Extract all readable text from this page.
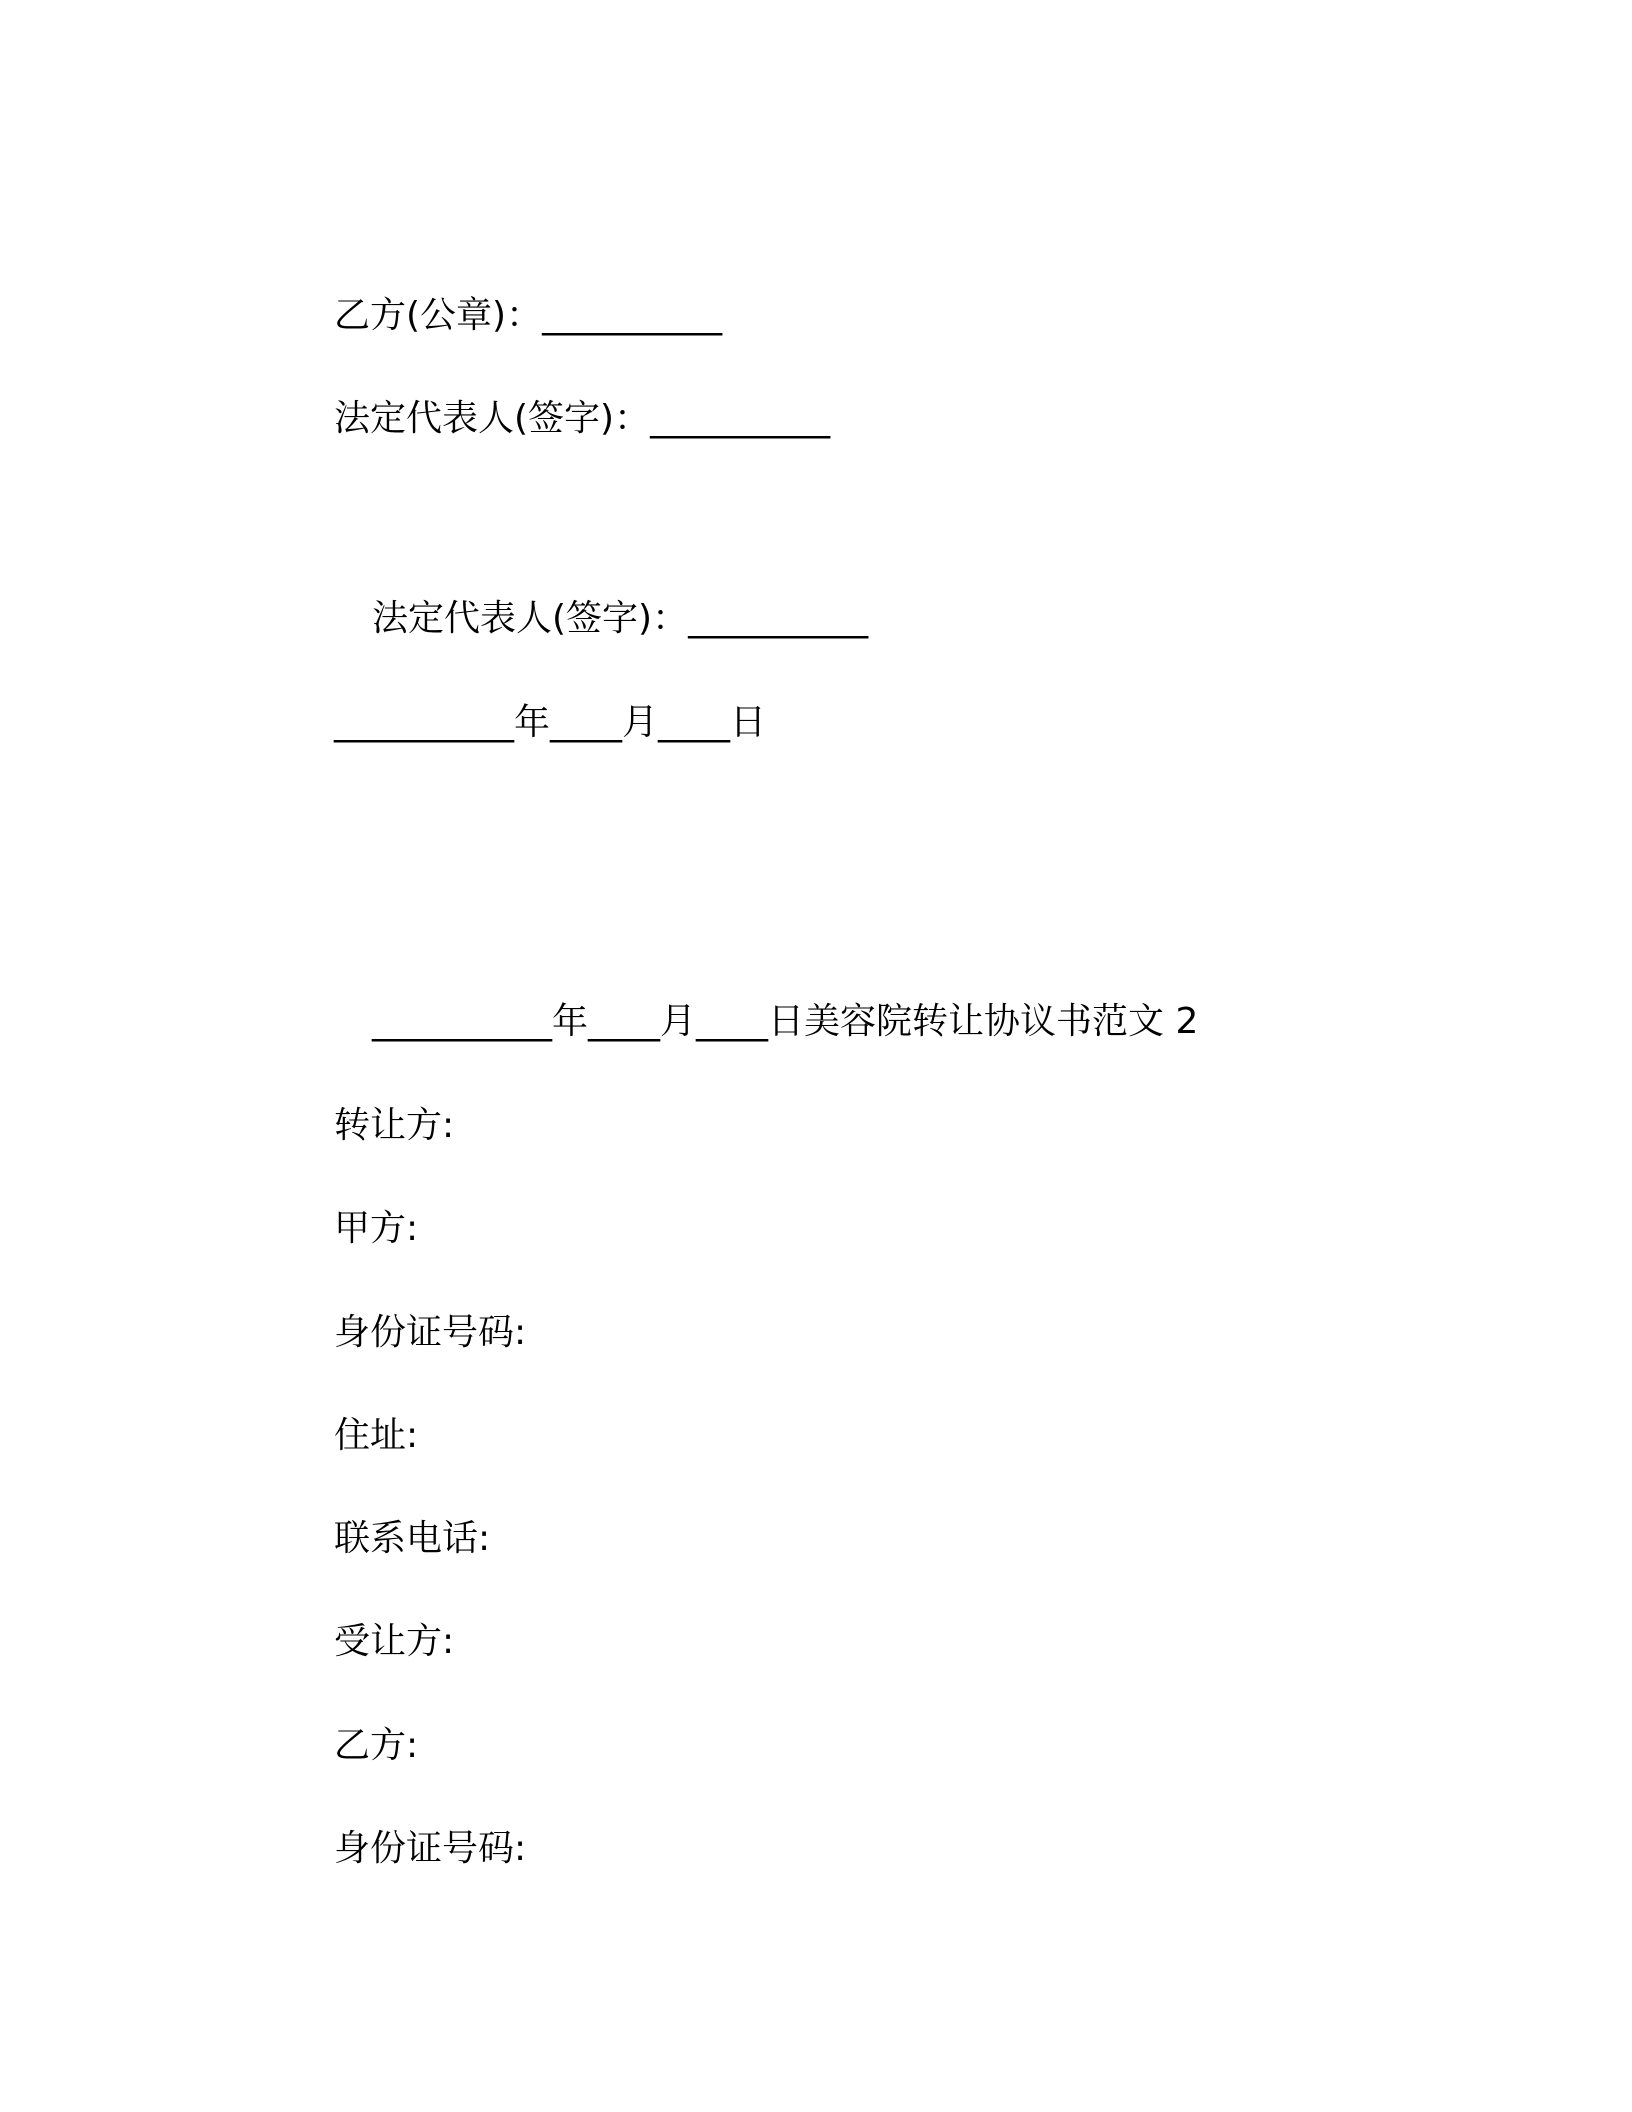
乙方(公章)：__________
法定代表人(签字)：__________
法定代表人(签字)：__________
__________年____月____日
__________年____月____日美容院转让协议书范文 2
转让方:
甲方:
身份证号码:
住址:
联系电话:
受让方:
乙方:
身份证号码:
